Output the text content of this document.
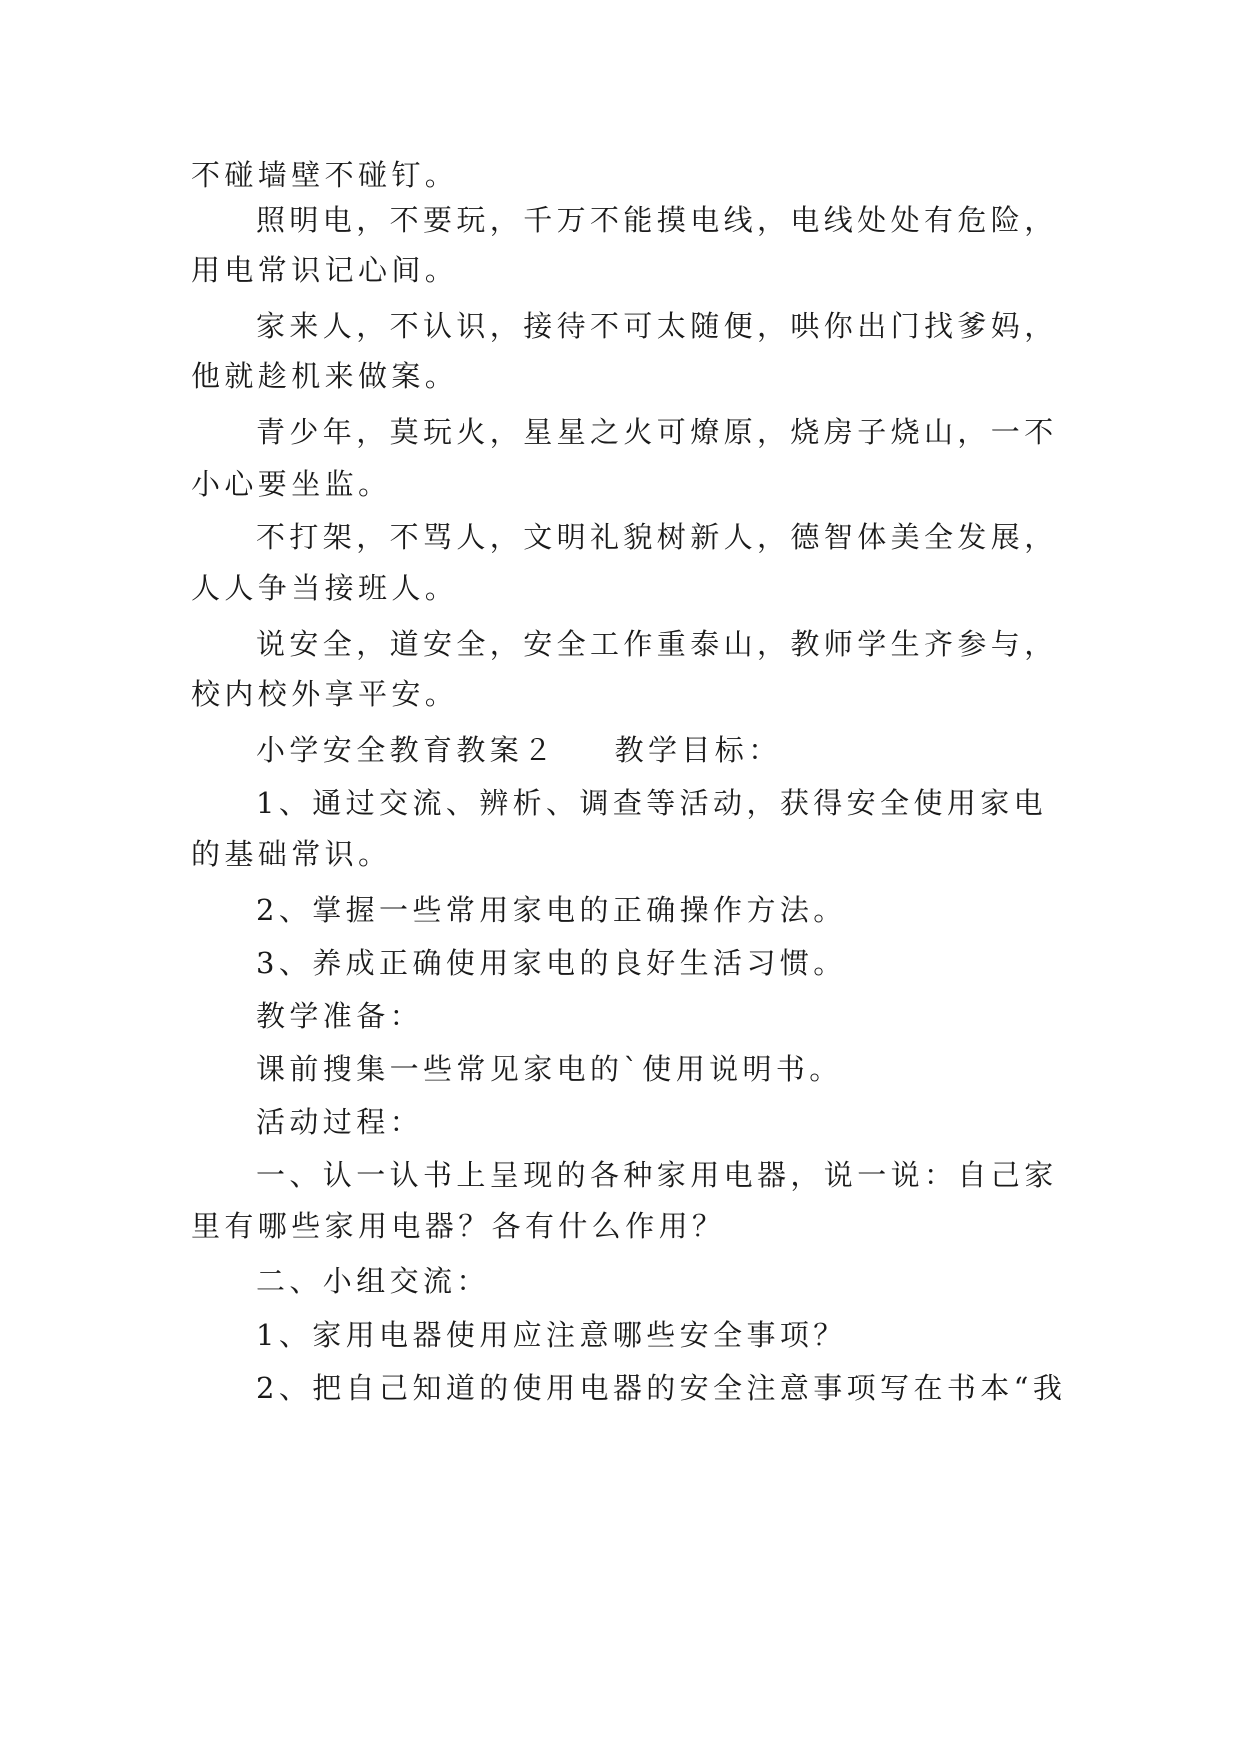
不碰墙壁不碰钉。
照明电，不要玩，千万不能摸电线，电线处处有危险，
用电常识记心间。
家来人，不认识，接待不可太随便，哄你出门找爹妈，
他就趁机来做案。
青少年，莫玩火，星星之火可燎原，烧房子烧山，一不
小心要坐监。
不打架，不骂人，文明礼貌树新人，德智体美全发展，
人人争当接班人。
说安全，道安全，安全工作重泰山，教师学生齐参与，
校内校外享平安。
小学安全教育教案２ 教学目标：
1、通过交流、辨析、调查等活动，获得安全使用家电
的基础常识。
2、掌握一些常用家电的正确操作方法。
3、养成正确使用家电的良好生活习惯。
教学准备：
课前搜集一些常见家电的`使用说明书。
活动过程：
一、认一认书上呈现的各种家用电器，说一说：自己家
里有哪些家用电器？各有什么作用？
二、小组交流：
1、家用电器使用应注意哪些安全事项？
2、把自己知道的使用电器的安全注意事项写在书本“我
